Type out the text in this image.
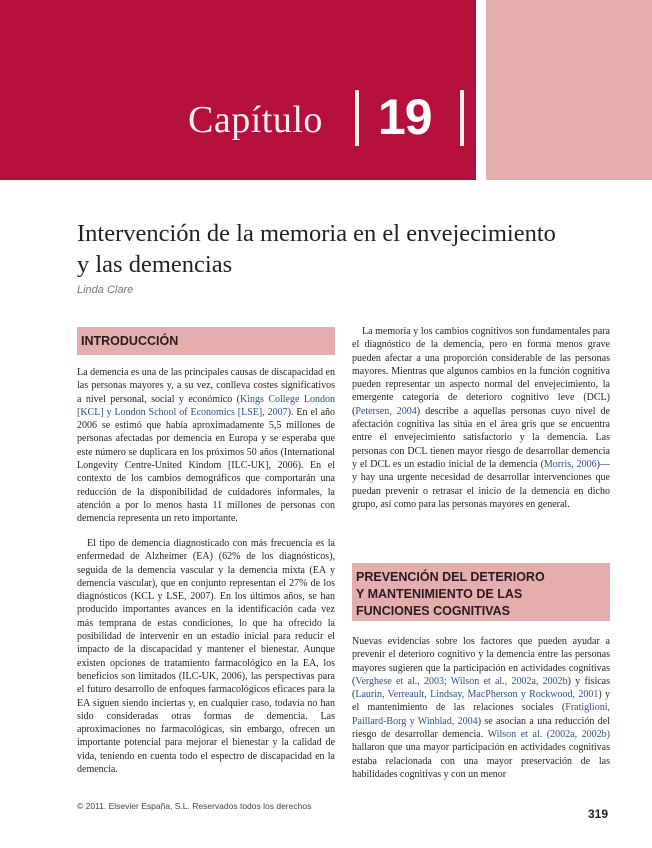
Capítulo 19
Intervención de la memoria en el envejecimiento
y las demencias
Linda Clare
INTRODUCCIÓN

La demencia es una de las principales causas de discapacidad en las personas mayores y, a su vez, conlleva costes significativos a nivel personal, social y económico (Kings College London [KCL] y London School of Economics [LSE], 2007). En el año 2006 se estimó que había aproximadamente 5,5 millones de personas afectadas por demencia en Europa y se esperaba que este número se duplicara en los próximos 50 años (International Longevity Centre-United Kindom [ILC-UK], 2006). En el contexto de los cambios demográficos que comportarán una reducción de la disponibilidad de cuidadores informales, la atención a por lo menos hasta 11 millones de personas con demencia representa un reto importante.

El tipo de demencia diagnosticado con más frecuencia es la enfermedad de Alzheimer (EA) (62% de los diagnósticos), seguida de la demencia vascular y la demencia mixta (EA y demencia vascular), que en conjunto representan el 27% de los diagnósticos (KCL y LSE, 2007). En los últimos años, se han producido importantes avances en la identificación cada vez más temprana de estas condiciones, lo que ha ofrecido la posibilidad de intervenir en un estadio inicial para reducir el impacto de la discapacidad y mantener el bienestar. Aunque existen opciones de tratamiento farmacológico en la EA, los beneficios son limitados (ILC-UK, 2006), las perspectivas para el futuro desarrollo de enfoques farmacológicos eficaces para la EA siguen siendo inciertas y, en cualquier caso, todavía no han sido consideradas otras formas de demencia. Las aproximaciones no farmacológicas, sin embargo, ofrecen un importante potencial para mejorar el bienestar y la calidad de vida, teniendo en cuenta todo el espectro de discapacidad en la demencia.

La memoria y los cambios cognitivos son fundamentales para el diagnóstico de la demencia, pero en forma menos grave pueden afectar a una proporción considerable de las personas mayores. Mientras que algunos cambios en la función cognitiva pueden representar un aspecto normal del envejecimiento, la emergente categoría de deterioro cognitivo leve (DCL) (Petersen, 2004) describe a aquellas personas cuyo nivel de afectación cognitiva las sitúa en el área gris que se encuentra entre el envejecimiento satisfactorio y la demencia. Las personas con DCL tienen mayor riesgo de desarrollar demencia y el DCL es un estadio inicial de la demencia (Morris, 2006)— y hay una urgente necesidad de desarrollar intervenciones que puedan prevenir o retrasar el inicio de la demencia en dicho grupo, así como para las personas mayores en general.

PREVENCIÓN DEL DETERIORO
Y MANTENIMIENTO DE LAS
FUNCIONES COGNITIVAS

Nuevas evidencias sobre los factores que pueden ayudar a prevenir el deterioro cognitivo y la demencia entre las personas mayores sugieren que la participación en actividades cognitivas (Verghese et al., 2003; Wilson et al., 2002a, 2002b) y físicas (Laurin, Verreault, Lindsay, MacPherson y Rockwood, 2001) y el mantenimiento de las relaciones sociales (Fratiglioni, Paillard-Borg y Winblad, 2004) se asocian a una reducción del riesgo de desarrollar demencia. Wilson et al. (2002a, 2002b) hallaron que una mayor participación en actividades cognitivas estaba relacionada con una mayor preservación de las habilidades cognitivas y con un menor

© 2011. Elsevier España, S.L. Reservados todos los derechos
319
